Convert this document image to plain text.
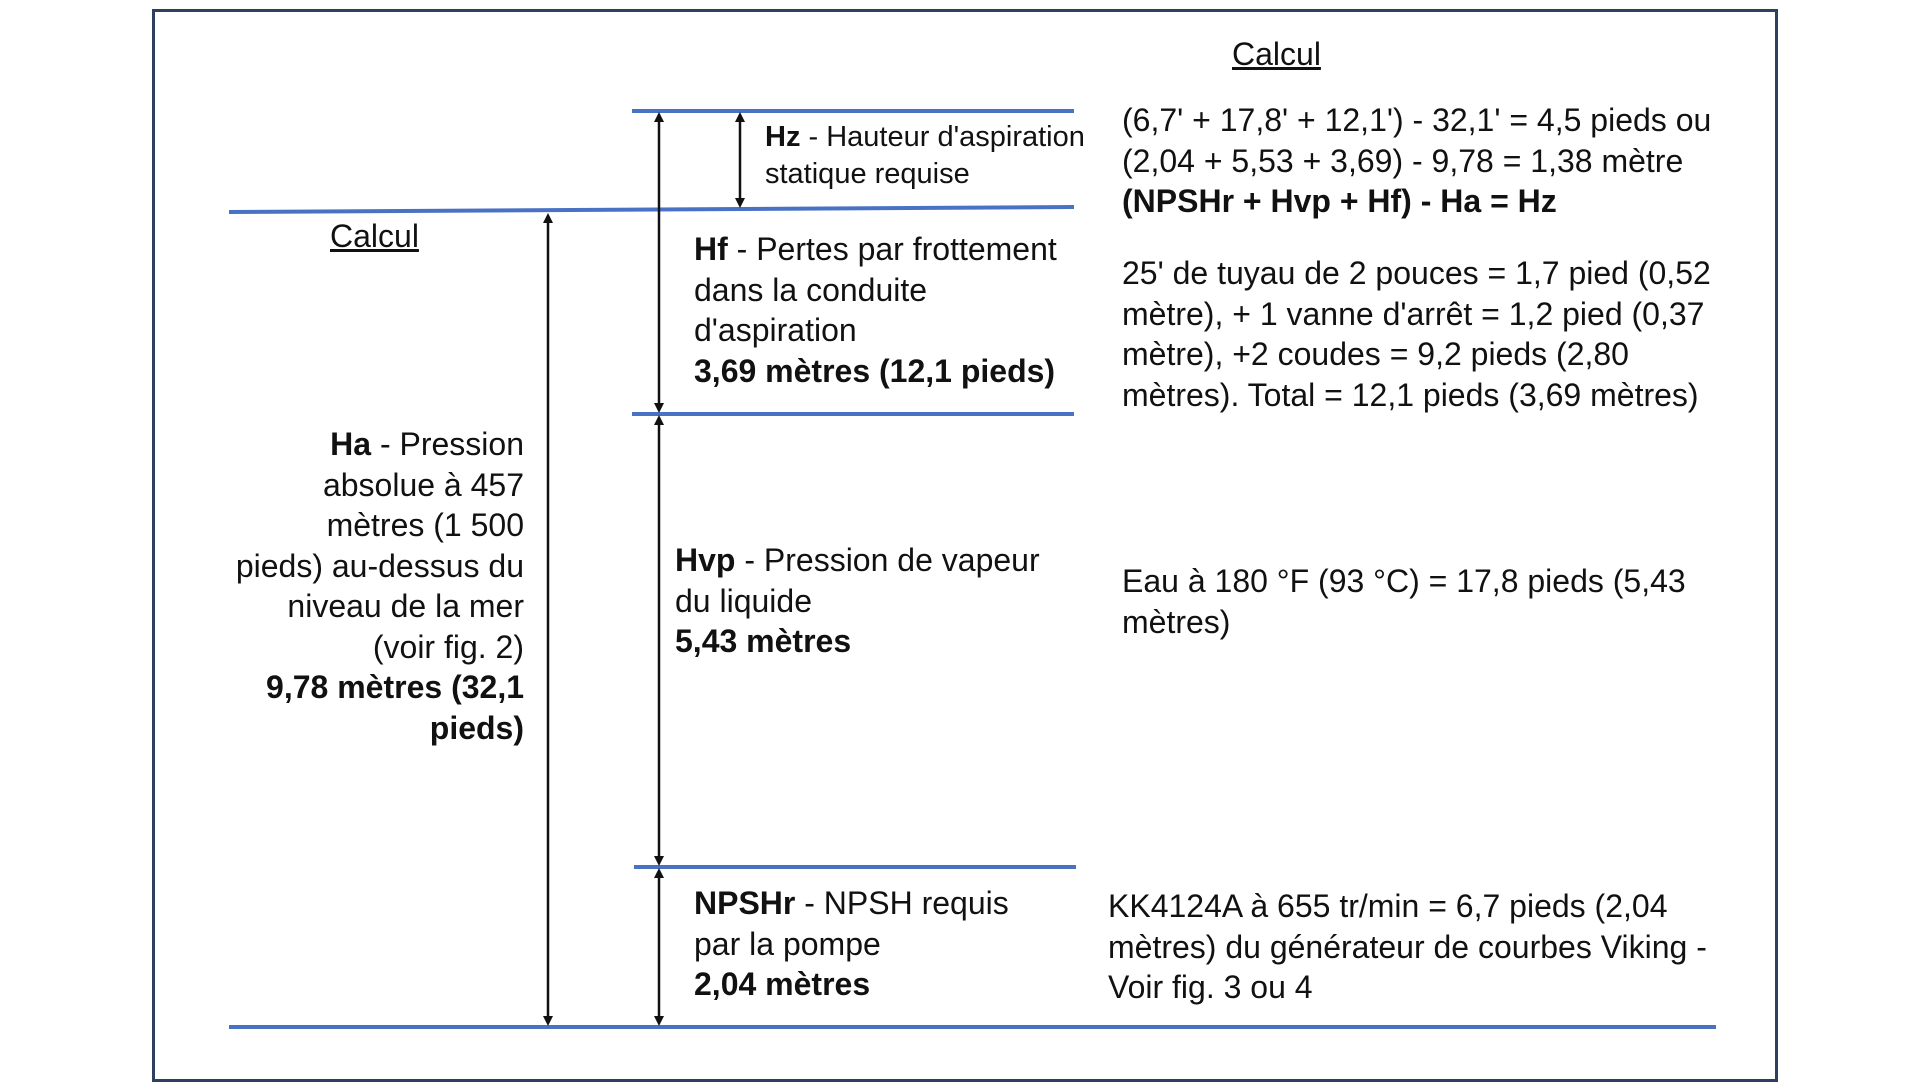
Calcul
Calcul
Hz - Hauteur d'aspiration
statique requise
(6,7' + 17,8' + 12,1') - 32,1' = 4,5 pieds ou
(2,04 + 5,53 + 3,69) - 9,78 = 1,38 mètre
(NPSHr + Hvp + Hf) - Ha = Hz
Hf - Pertes par frottement
dans la conduite
d'aspiration
3,69 mètres (12,1 pieds)
25' de tuyau de 2 pouces = 1,7 pied (0,52
mètre), + 1 vanne d'arrêt = 1,2 pied (0,37
mètre), +2 coudes = 9,2 pieds (2,80
mètres). Total = 12,1 pieds (3,69 mètres)
Ha - Pression
absolue à 457
mètres (1 500
pieds) au-dessus du
niveau de la mer
(voir fig. 2)
9,78 mètres (32,1
pieds)
Hvp - Pression de vapeur
du liquide
5,43 mètres
Eau à 180 °F (93 °C) = 17,8 pieds (5,43
mètres)
NPSHr - NPSH requis
par la pompe
2,04 mètres
KK4124A à 655 tr/min = 6,7 pieds (2,04
mètres) du générateur de courbes Viking -
Voir fig. 3 ou 4
